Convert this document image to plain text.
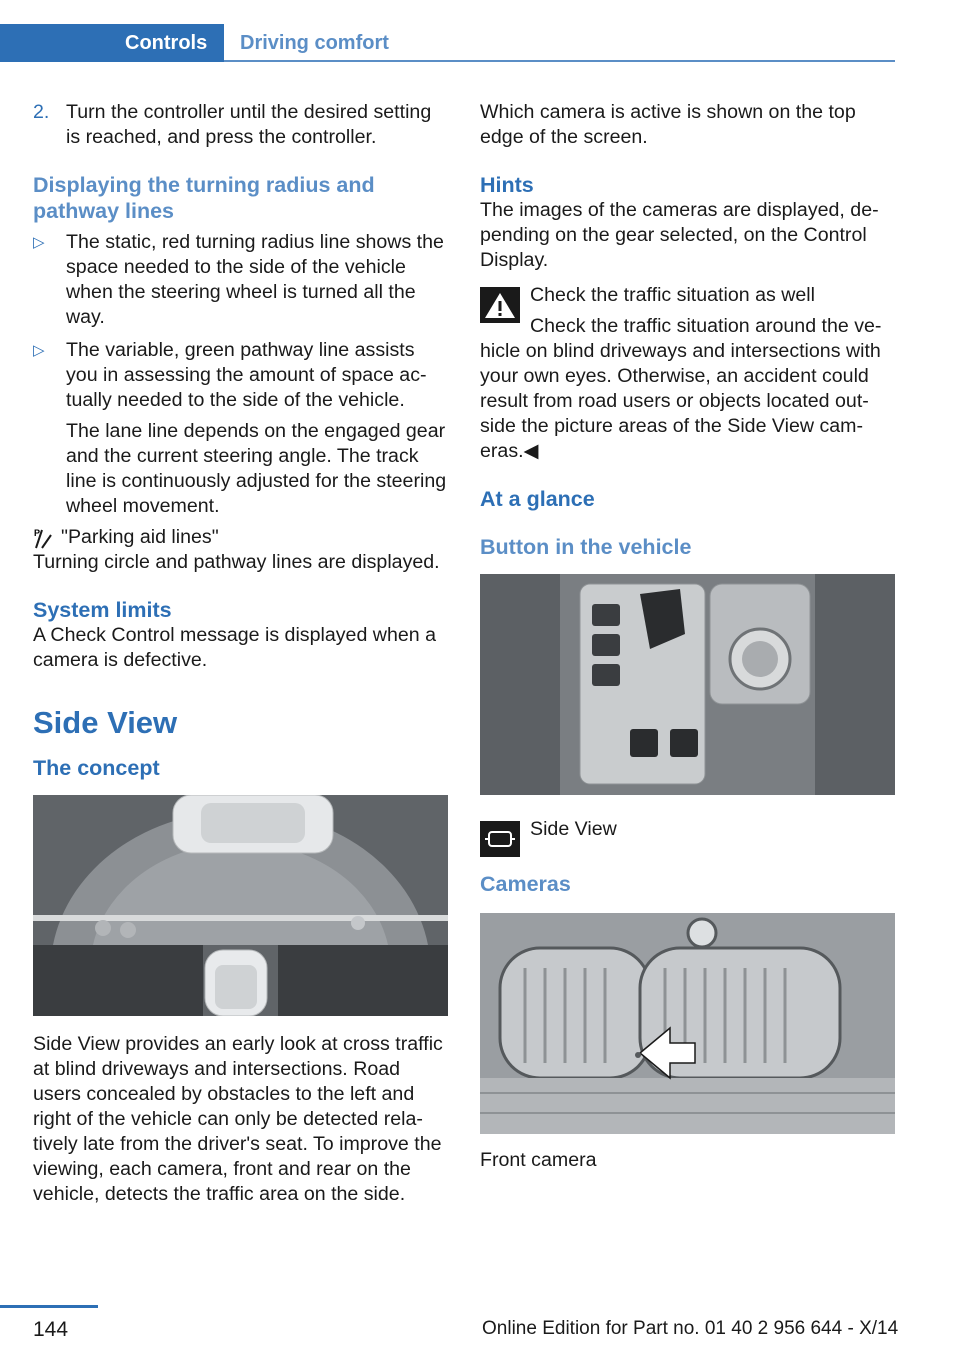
Controls	Driving comfort
2. Turn the controller until the desired setting is reached, and press the controller.

Displaying the turning radius and pathway lines
▷ The static, red turning radius line shows the space needed to the side of the vehicle when the steering wheel is turned all the way.

▷ The variable, green pathway line assists you in assessing the amount of space ac‐tually needed to the side of the vehicle.

The lane line depends on the engaged gear and the current steering angle. The track line is continuously adjusted for the steering wheel movement.

P "Parking aid lines"

Turning circle and pathway lines are displayed.

System limits

A Check Control message is displayed when a camera is defective.

Side View
The concept

Side View provides an early look at cross traffic at blind driveways and intersections. Road users concealed by obstacles to the left and right of the vehicle can only be detected rela‐tively late from the driver's seat. To improve the viewing, each camera, front and rear on the vehicle, detects the traffic area on the side.

Which camera is active is shown on the top edge of the screen.

Hints

The images of the cameras are displayed, de‐pending on the gear selected, on the Control Display.

Check the traffic situation as well

Check the traffic situation around the ve‐

hicle on blind driveways and intersections with your own eyes. Otherwise, an accident could result from road users or objects located out‐side the picture areas of the Side View cam‐eras.◀

At a glance
Button in the vehicle

Side View

Cameras

Front camera

144	Online Edition for Part no. 01 40 2 956 644 - X/14
